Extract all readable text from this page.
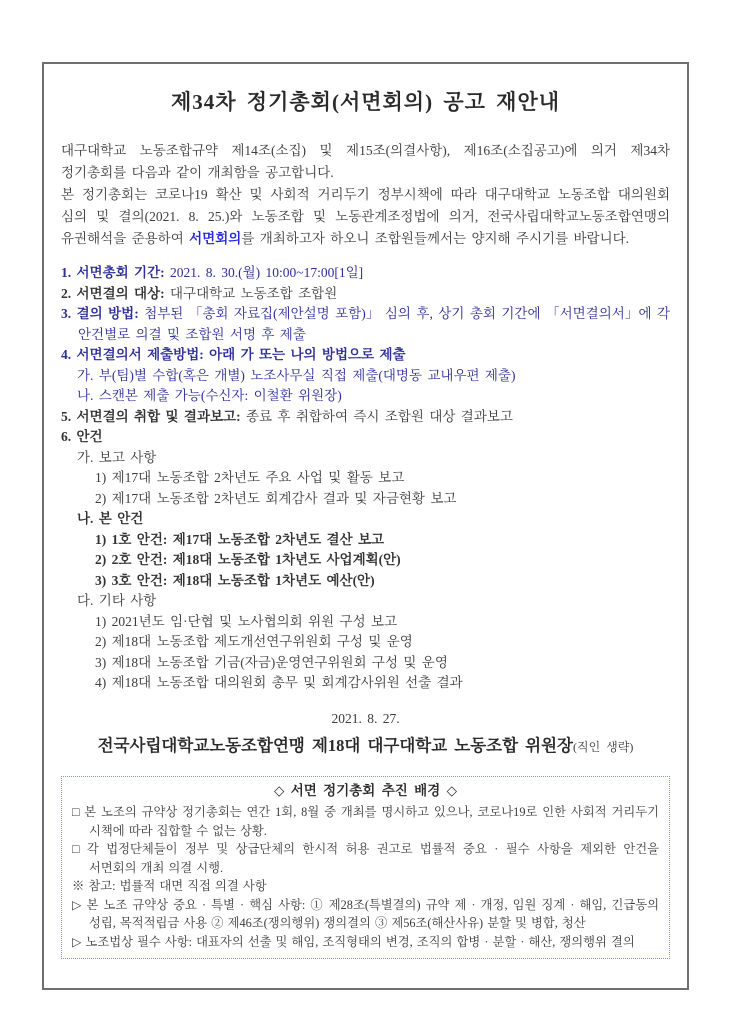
제34차 정기총회(서면회의) 공고 재안내

대구대학교 노동조합규약 제14조(소집) 및 제15조(의결사항), 제16조(소집공고)에 의거 제34차 정기총회를 다음과 같이 개최함을 공고합니다.

본 정기총회는 코로나19 확산 및 사회적 거리두기 정부시책에 따라 대구대학교 노동조합 대의원회 심의 및 결의(2021. 8. 25.)와 노동조합 및 노동관계조정법에 의거, 전국사립대학교노동조합연맹의 유권해석을 준용하여 서면회의를 개최하고자 하오니 조합원들께서는 양지해 주시기를 바랍니다.

1. 서면총회 기간: 2021. 8. 30.(월) 10:00~17:00[1일]
2. 서면결의 대상: 대구대학교 노동조합 조합원
3. 결의 방법: 첨부된 「총회 자료집(제안설명 포함)」 심의 후, 상기 총회 기간에 「서면결의서」에 각 안건별로 의결 및 조합원 서명 후 제출
4. 서면결의서 제출방법: 아래 가 또는 나의 방법으로 제출
가. 부(팀)별 수합(혹은 개별) 노조사무실 직접 제출(대명동 교내우편 제출)
나. 스캔본 제출 가능(수신자: 이철환 위원장)
5. 서면결의 취합 및 결과보고: 종료 후 취합하여 즉시 조합원 대상 결과보고
6. 안건
가. 보고 사항
1) 제17대 노동조합 2차년도 주요 사업 및 활동 보고
2) 제17대 노동조합 2차년도 회계감사 결과 및 자금현황 보고
나. 본 안건
1) 1호 안건: 제17대 노동조합 2차년도 결산 보고
2) 2호 안건: 제18대 노동조합 1차년도 사업계획(안)
3) 3호 안건: 제18대 노동조합 1차년도 예산(안)
다. 기타 사항
1) 2021년도 임·단협 및 노사협의회 위원 구성 보고
2) 제18대 노동조합 제도개선연구위원회 구성 및 운영
3) 제18대 노동조합 기금(자금)운영연구위원회 구성 및 운영
4) 제18대 노동조합 대의원회 총무 및 회계감사위원 선출 결과
2021. 8. 27.
전국사립대학교노동조합연맹 제18대 대구대학교 노동조합 위원장(직인 생략)
◇ 서면 정기총회 추진 배경 ◇
□ 본 노조의 규약상 정기총회는 연간 1회, 8월 중 개최를 명시하고 있으나, 코로나19로 인한 사회적 거리두기 시책에 따라 집합할 수 없는 상황.
□ 각 법정단체들이 정부 및 상급단체의 한시적 허용 권고로 법률적 중요 · 필수 사항을 제외한 안건을 서면회의 개최 의결 시행.
※ 참고: 법률적 대면 직접 의결 사항
▷ 본 노조 규약상 중요 · 특별 · 핵심 사항: ① 제28조(특별결의) 규약 제 · 개정, 임원 징계 · 해임, 긴급동의 성립, 목적적립금 사용 ② 제46조(쟁의행위) 쟁의결의 ③ 제56조(해산사유) 분할 및 병합, 청산
▷ 노조법상 필수 사항: 대표자의 선출 및 해임, 조직형태의 변경, 조직의 합병 · 분할 · 해산, 쟁의행위 결의
